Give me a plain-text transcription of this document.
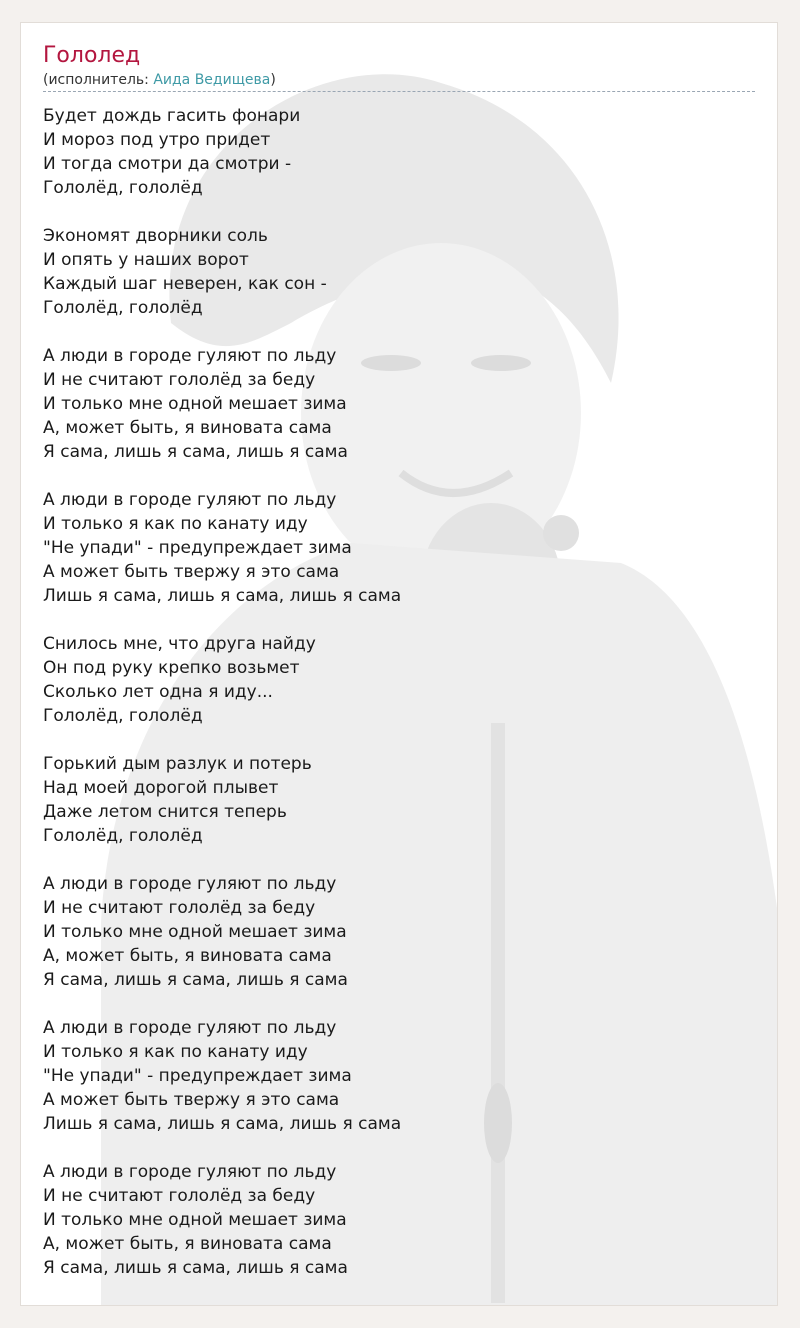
Гололед
(исполнитель: Аида Ведищева)
Будет дождь гасить фонари
И мороз под утро придет
И тогда смотри да смотри -
Гололёд, гололёд
Экономят дворники соль
И опять у наших ворот
Каждый шаг неверен, как сон -
Гололёд, гололёд
А люди в городе гуляют по льду
И не считают гололёд за беду
И только мне одной мешает зима
А, может быть, я виновата сама
Я сама, лишь я сама, лишь я сама
А люди в городе гуляют по льду
И только я как по канату иду
"Не упади" - предупреждает зима
А может быть твержу я это сама
Лишь я сама, лишь я сама, лишь я сама
Снилось мне, что друга найду
Он под руку крепко возьмет
Сколько лет одна я иду...
Гололёд, гололёд
Горький дым разлук и потерь
Над моей дорогой плывет
Даже летом снится теперь
Гололёд, гололёд
А люди в городе гуляют по льду
И не считают гололёд за беду
И только мне одной мешает зима
А, может быть, я виновата сама
Я сама, лишь я сама, лишь я сама
А люди в городе гуляют по льду
И только я как по канату иду
"Не упади" - предупреждает зима
А может быть твержу я это сама
Лишь я сама, лишь я сама, лишь я сама
А люди в городе гуляют по льду
И не считают гололёд за беду
И только мне одной мешает зима
А, может быть, я виновата сама
Я сама, лишь я сама, лишь я сама
